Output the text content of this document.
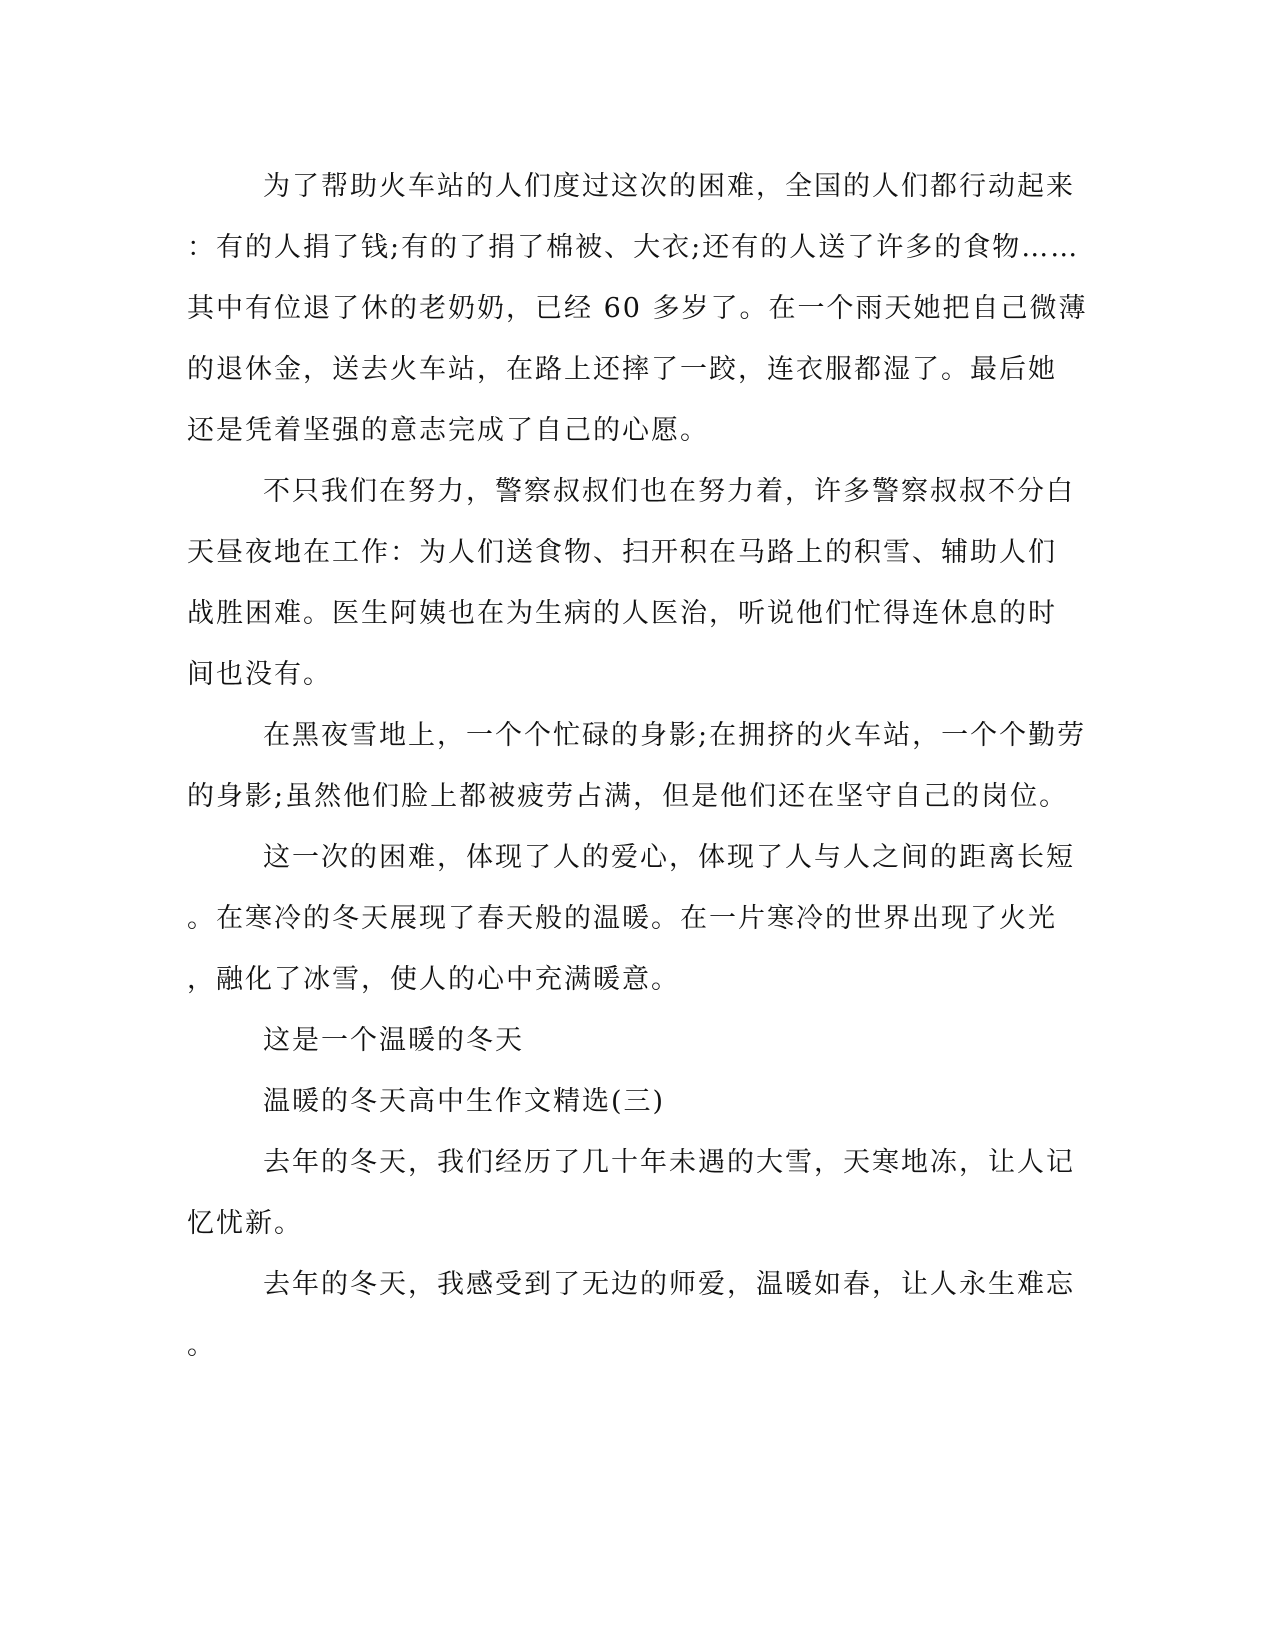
为了帮助火车站的人们度过这次的困难，全国的人们都行动起来
：有的人捐了钱;有的了捐了棉被、大衣;还有的人送了许多的食物……
其中有位退了休的老奶奶，已经 60 多岁了。在一个雨天她把自己微薄
的退休金，送去火车站，在路上还摔了一跤，连衣服都湿了。最后她
还是凭着坚强的意志完成了自己的心愿。
不只我们在努力，警察叔叔们也在努力着，许多警察叔叔不分白
天昼夜地在工作：为人们送食物、扫开积在马路上的积雪、辅助人们
战胜困难。医生阿姨也在为生病的人医治，听说他们忙得连休息的时
间也没有。
在黑夜雪地上，一个个忙碌的身影;在拥挤的火车站，一个个勤劳
的身影;虽然他们脸上都被疲劳占满，但是他们还在坚守自己的岗位。
这一次的困难，体现了人的爱心，体现了人与人之间的距离长短
。在寒冷的冬天展现了春天般的温暖。在一片寒冷的世界出现了火光
，融化了冰雪，使人的心中充满暖意。
这是一个温暖的冬天
温暖的冬天高中生作文精选(三)
去年的冬天，我们经历了几十年未遇的大雪，天寒地冻，让人记
忆忧新。
去年的冬天，我感受到了无边的师爱，温暖如春，让人永生难忘
。
